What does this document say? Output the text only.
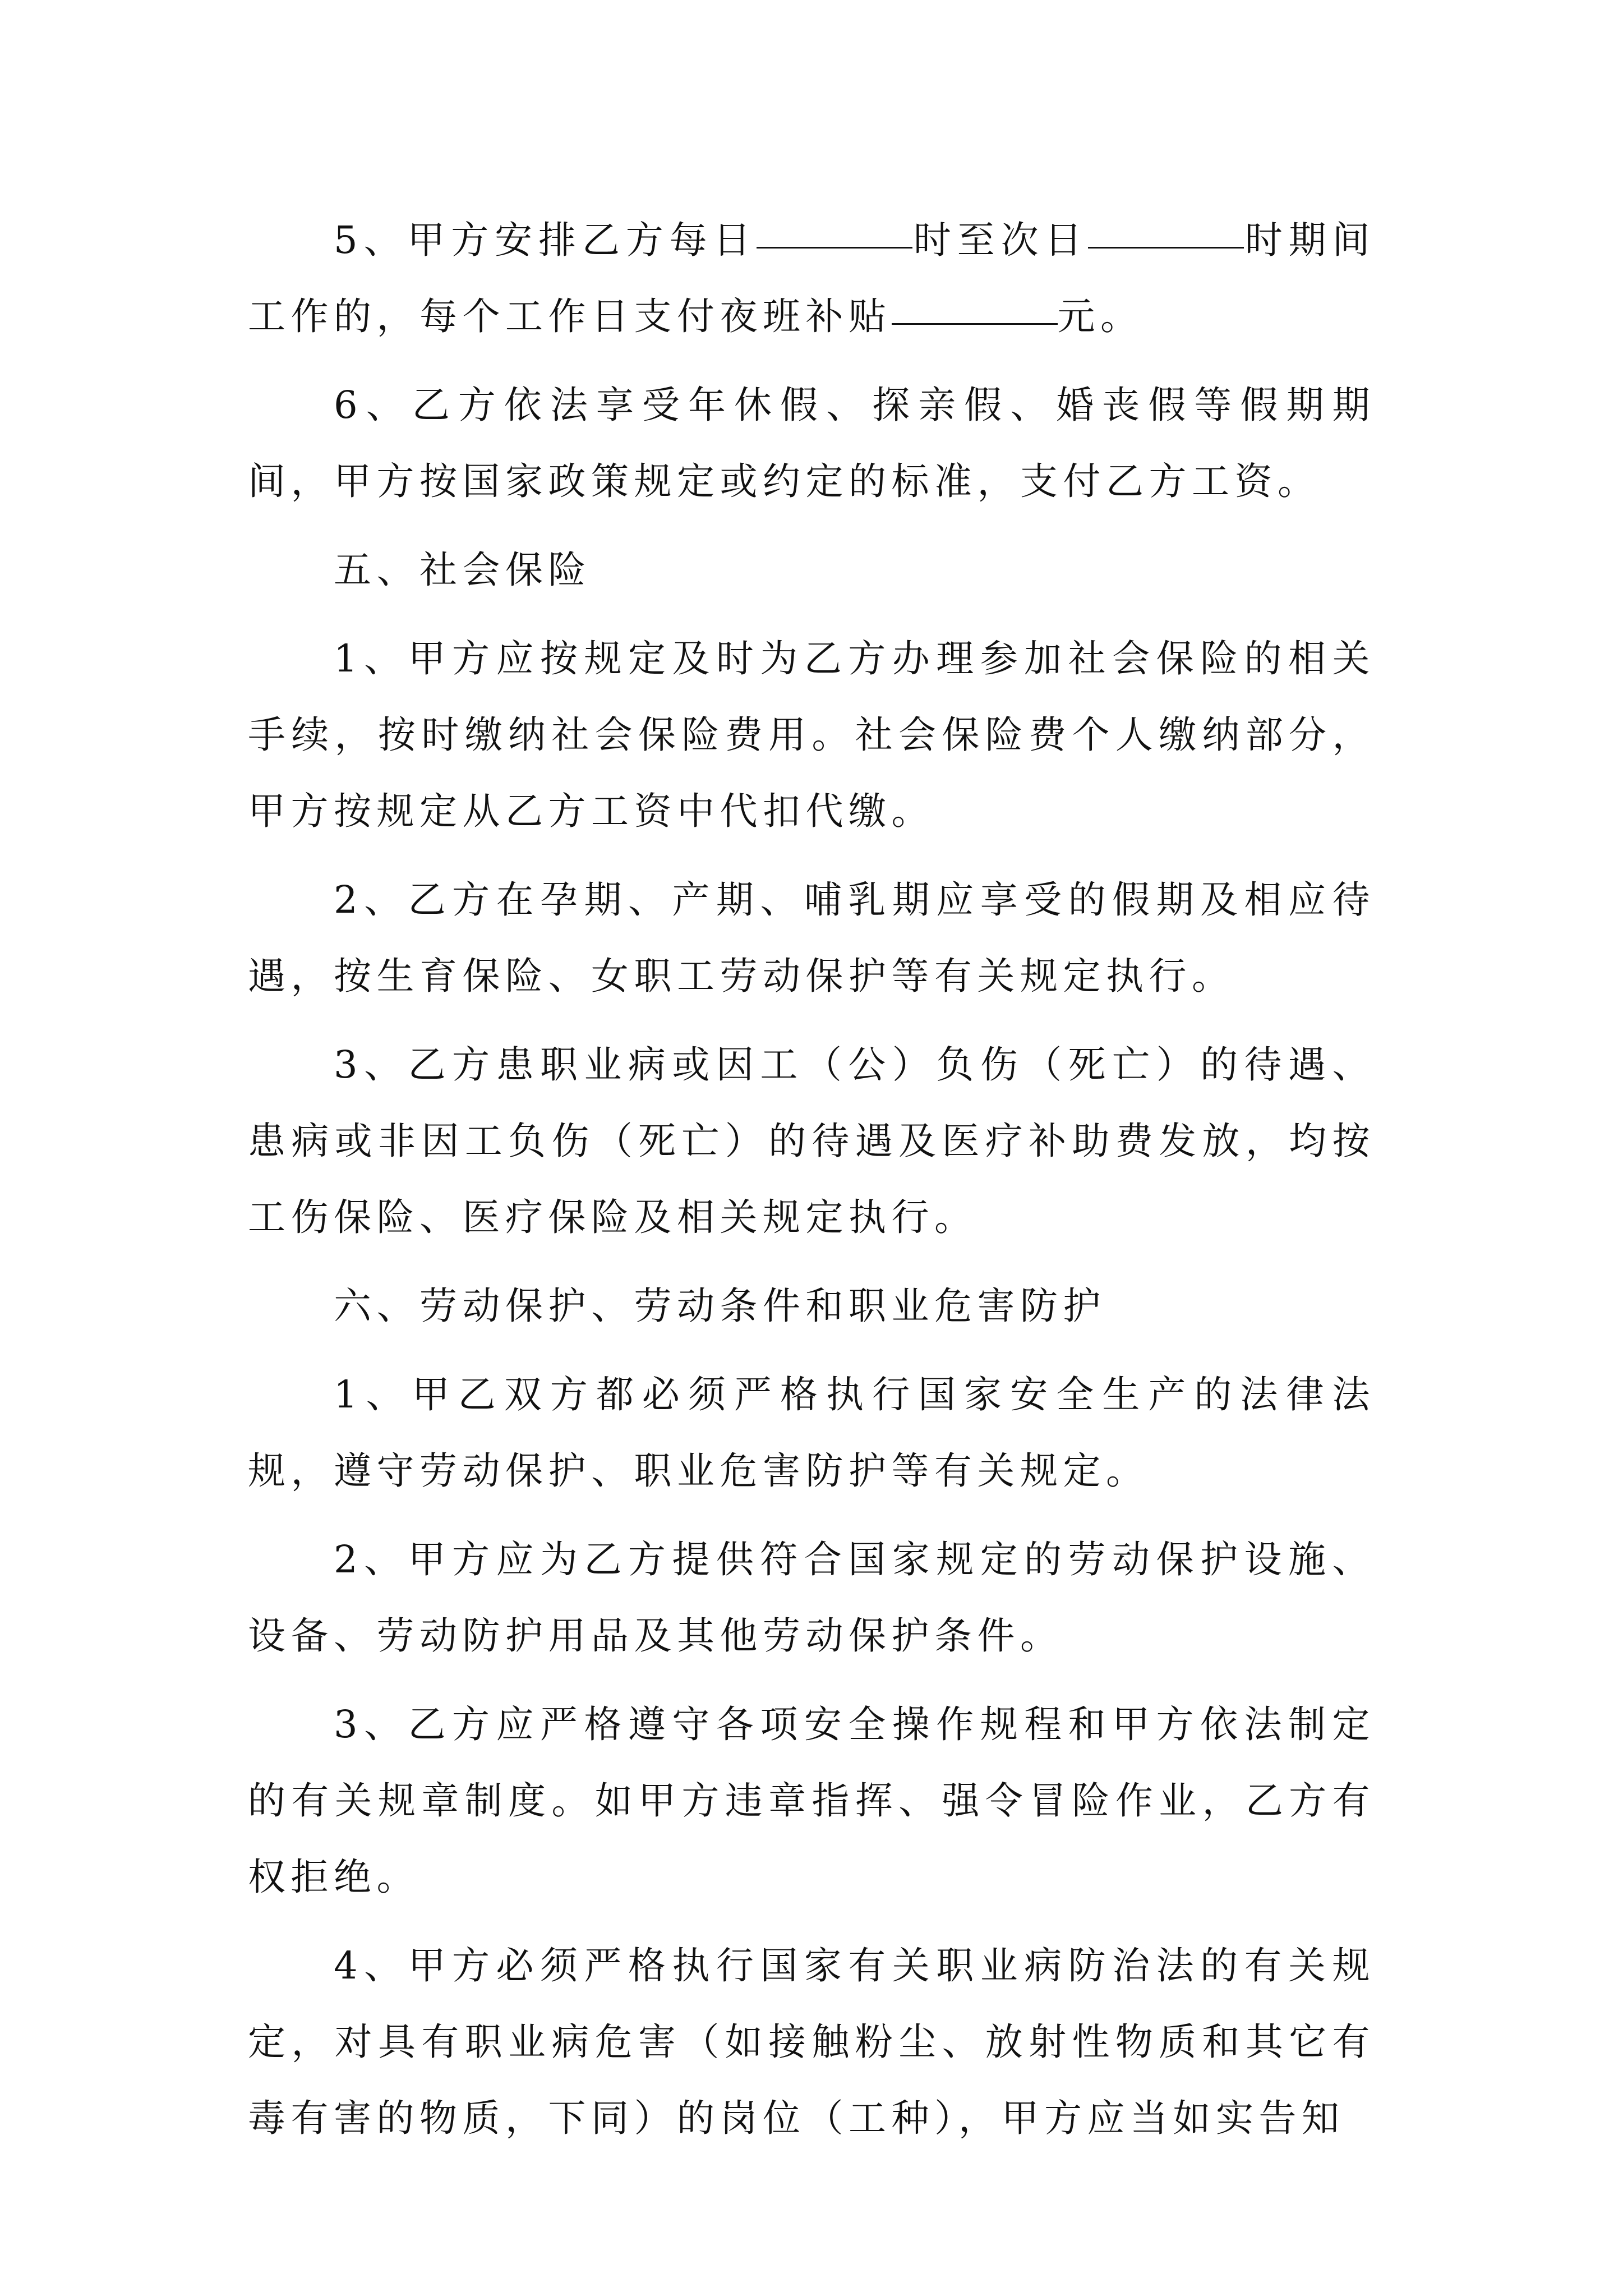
5、甲方安排乙方每日	时至次日	时期间工作的，每个工作日支付夜班补贴	元。

6、乙方依法享受年休假、探亲假、婚丧假等假期期间，甲方按国家政策规定或约定的标准，支付乙方工资。

五、社会保险

1、甲方应按规定及时为乙方办理参加社会保险的相关手续，按时缴纳社会保险费用。社会保险费个人缴纳部分，甲方按规定从乙方工资中代扣代缴。

2、乙方在孕期、产期、哺乳期应享受的假期及相应待遇，按生育保险、女职工劳动保护等有关规定执行。

3、乙方患职业病或因工（公）负伤（死亡）的待遇、患病或非因工负伤（死亡）的待遇及医疗补助费发放，均按工伤保险、医疗保险及相关规定执行。

六、劳动保护、劳动条件和职业危害防护

1、甲乙双方都必须严格执行国家安全生产的法律法规，遵守劳动保护、职业危害防护等有关规定。

2、甲方应为乙方提供符合国家规定的劳动保护设施、设备、劳动防护用品及其他劳动保护条件。

3、乙方应严格遵守各项安全操作规程和甲方依法制定的有关规章制度。如甲方违章指挥、强令冒险作业，乙方有权拒绝。

4、甲方必须严格执行国家有关职业病防治法的有关规定，对具有职业病危害（如接触粉尘、放射性物质和其它有毒有害的物质，下同）的岗位（工种），甲方应当如实告知
